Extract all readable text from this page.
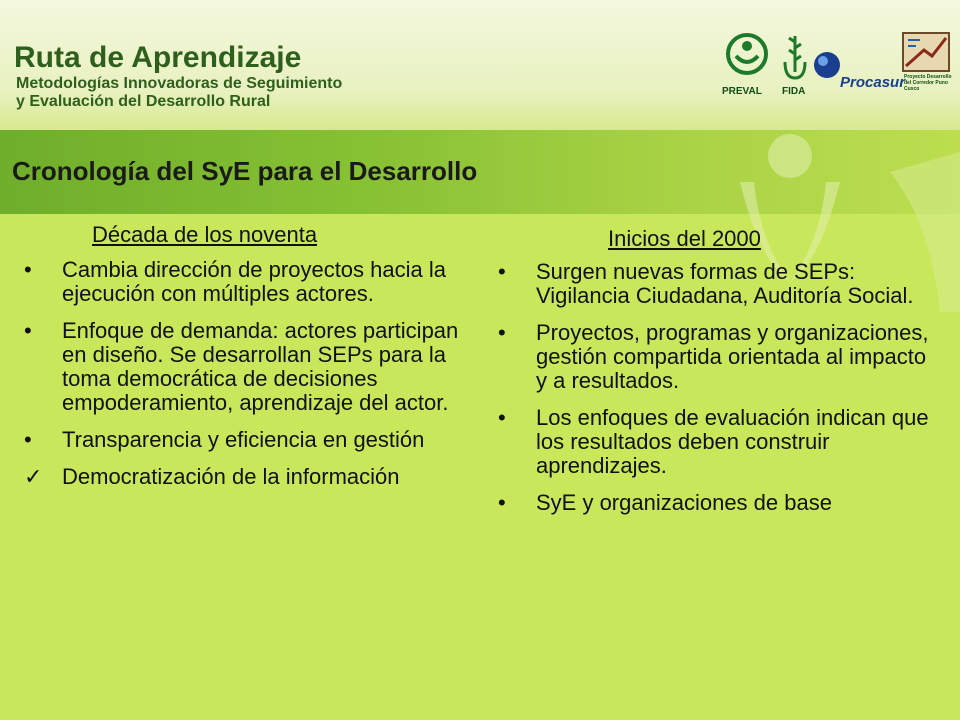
Ruta de Aprendizaje
Metodologías Innovadoras de Seguimiento
y Evaluación del Desarrollo Rural
PREVAL FIDA
Procasur
Proyecto Desarrollo del Corredor Puno Cusco
Cronología del SyE para el Desarrollo
Década de los noventa
•	Cambia dirección de proyectos hacia la ejecución con múltiples actores.
•	Enfoque de demanda: actores participan en diseño. Se desarrollan SEPs para la toma democrática de decisiones empoderamiento, aprendizaje del actor.
•	Transparencia y eficiencia en gestión
✓ Democratización de la información
Inicios del 2000
•	Surgen nuevas formas de SEPs: Vigilancia Ciudadana, Auditoría Social.
•	Proyectos, programas y organizaciones, gestión compartida orientada al impacto y a resultados.
•	Los enfoques de evaluación indican que los resultados deben construir aprendizajes.
•	SyE y organizaciones de base
